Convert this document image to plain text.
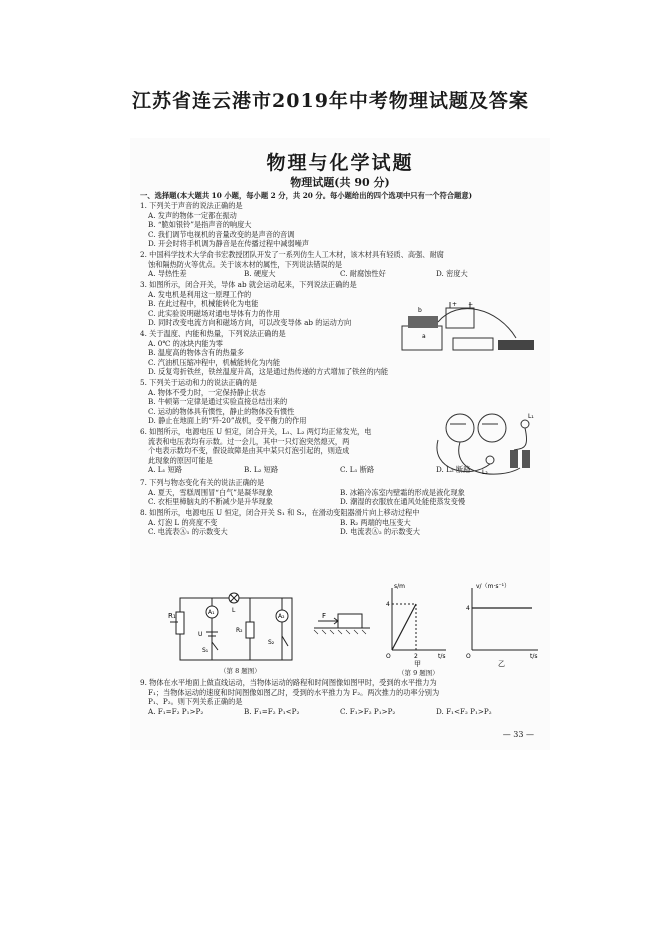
江苏省连云港市2019年中考物理试题及答案
物理与化学试题
物理试题(共 90 分)
一、选择题(本大题共 10 小题，每小题 2 分，共 20 分。每小题给出的四个选项中只有一个符合题意)
1. 下列关于声音的说法正确的是
A. 发声的物体一定都在振动
B. “脆如银铃”是指声音的响度大
C. 我们调节电视机的音量改变的是声音的音调
D. 开会时将手机调为静音是在传播过程中减弱噪声
2. 中国科学技术大学俞书宏教授团队开发了一系列仿生人工木材，该木材具有轻质、高强、耐腐
蚀和隔热防火等优点。关于该木材的属性，下列说法错误的是
A. 导热性差	B. 硬度大	C. 耐腐蚀性好	D. 密度大
3. 如图所示，闭合开关，导体 ab 就会运动起来，下列说法正确的是
A. 发电机是利用这一原理工作的
B. 在此过程中，机械能转化为电能
C. 此实验说明磁场对通电导体有力的作用
D. 同时改变电流方向和磁场方向，可以改变导体 ab 的运动方向
4. 关于温度、内能和热量，下列说法正确的是
A. 0℃ 的冰块内能为零
B. 温度高的物体含有的热量多
C. 汽油机压缩冲程中，机械能转化为内能
D. 反复弯折铁丝，铁丝温度升高，这是通过热传递的方式增加了铁丝的内能
5. 下列关于运动和力的说法正确的是
A. 物体不受力时，一定保持静止状态
B. 牛顿第一定律是通过实验直接总结出来的
C. 运动的物体具有惯性，静止的物体没有惯性
D. 静止在地面上的“歼-20”战机，受平衡力的作用
6. 如图所示，电源电压 U 恒定，闭合开关，L₁、L₂ 两灯均正常发光，电
流表和电压表均有示数。过一会儿，其中一只灯泡突然熄灭，两
个电表示数均不变，假设故障是由其中某只灯泡引起的，则造成
此现象的原因可能是
A. L₁ 短路	B. L₂ 短路	C. L₁ 断路	D. L₂ 断路
7. 下列与物态变化有关的说法正确的是
A. 夏天，雪糕周围冒“白气”是凝华现象	B. 冰箱冷冻室内壁霜的形成是液化现象
C. 衣柜里樟脑丸的不断减少是升华现象	D. 潮湿的衣服放在通风处能使蒸发变慢
8. 如图所示，电源电压 U 恒定，闭合开关 S₁ 和 S₂，在滑动变阻器滑片向上移动过程中
A. 灯泡 L 的亮度不变	B. R₂ 两端的电压变大
C. 电流表Ⓐ₁ 的示数变大	D. 电流表Ⓐ₂ 的示数变大
b
a
+ −
L₁
L₂
R₁	A₁	L
R₂
A₂
S₂
U
S₁
（第 8 题图）
F
s/m
4
2	t/s
O
甲
v/（m·s⁻¹）
4
t/s
O
乙
（第 9 题图）
9. 物体在水平地面上做直线运动，当物体运动的路程和时间图像如图甲时，受到的水平推力为
F₁；当物体运动的速度和时间图像如图乙时，受到的水平推力为 F₂。两次推力的功率分别为
P₁、P₂。则下列关系正确的是
A. F₁=F₂ P₁>P₂	B. F₁=F₂ P₁<P₂	C. F₁>F₂ P₁>P₂	D. F₁<F₂ P₁>P₂
— 33 —
